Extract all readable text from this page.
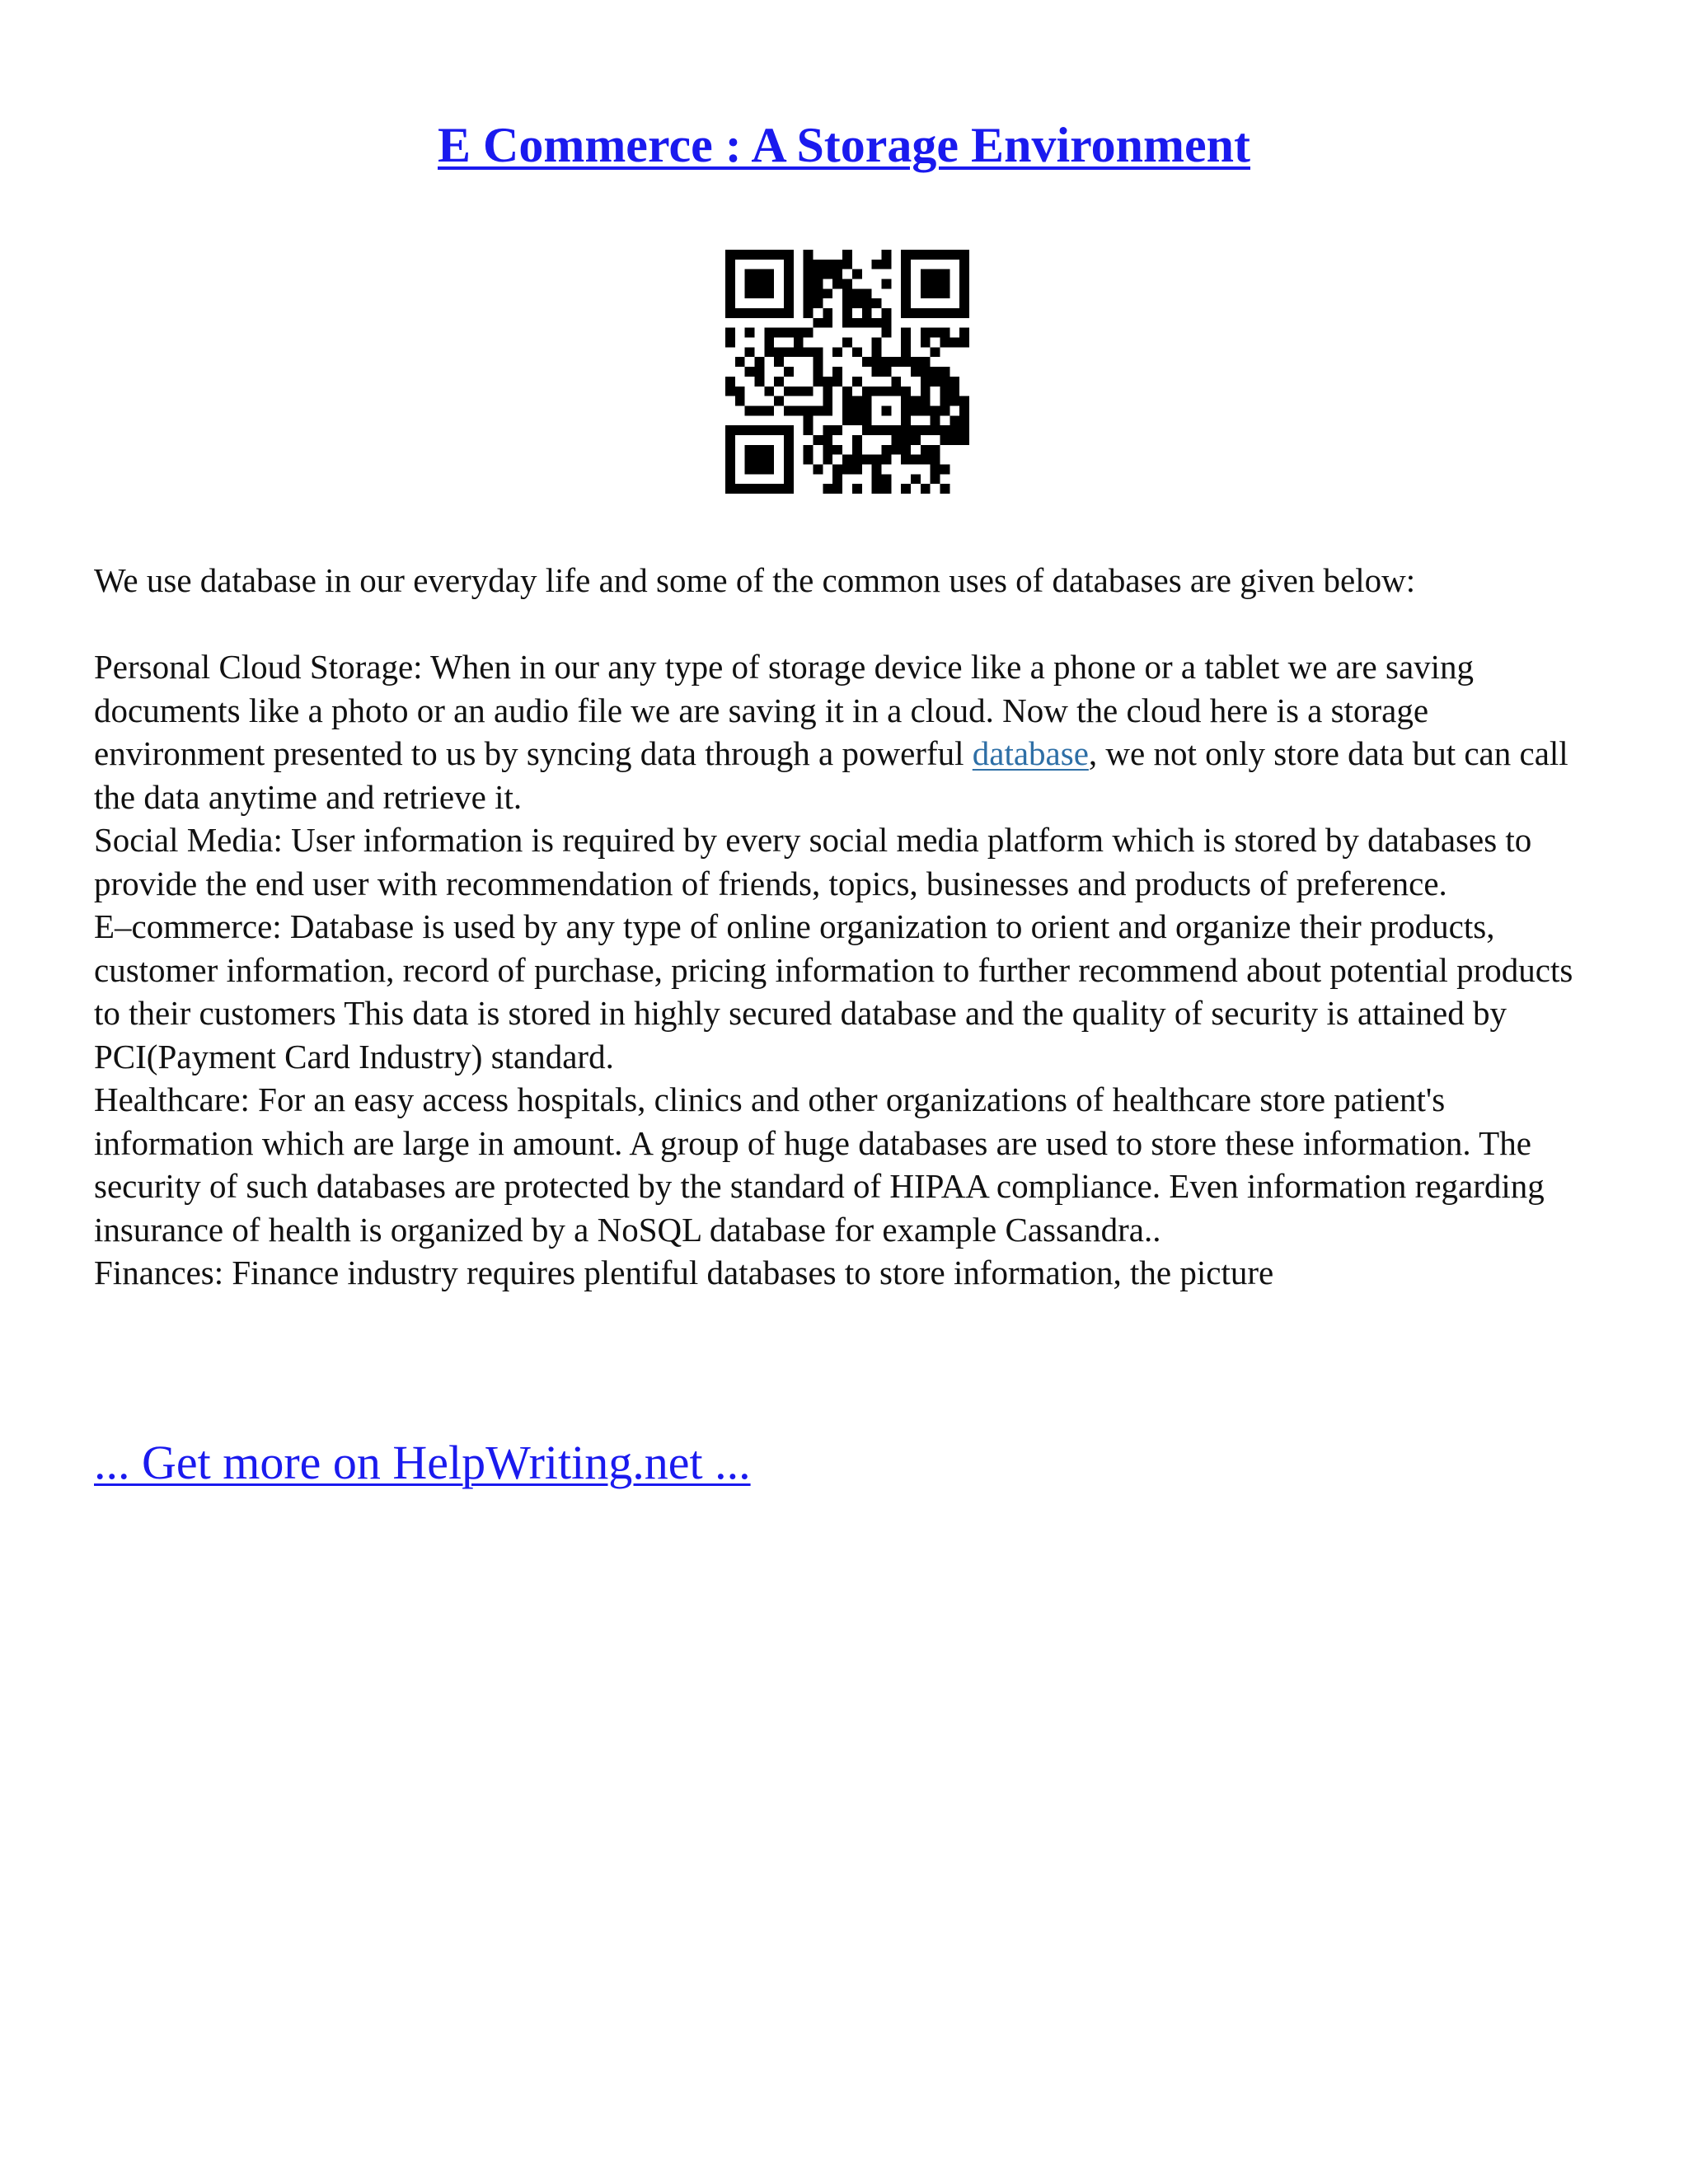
E Commerce : A Storage Environment

We use database in our everyday life and some of the common uses of databases are given below:

Personal Cloud Storage: When in our any type of storage device like a phone or a tablet we are saving documents like a photo or an audio file we are saving it in a cloud. Now the cloud here is a storage environment presented to us by syncing data through a powerful database, we not only store data but can call the data anytime and retrieve it.

Social Media: User information is required by every social media platform which is stored by databases to provide the end user with recommendation of friends, topics, businesses and products of preference.

E–commerce: Database is used by any type of online organization to orient and organize their products, customer information, record of purchase, pricing information to further recommend about potential products to their customers This data is stored in highly secured database and the quality of security is attained by PCI(Payment Card Industry) standard.

Healthcare: For an easy access hospitals, clinics and other organizations of healthcare store patient's information which are large in amount. A group of huge databases are used to store these information. The security of such databases are protected by the standard of HIPAA compliance. Even information regarding insurance of health is organized by a NoSQL database for example Cassandra..

Finances: Finance industry requires plentiful databases to store information, the picture

... Get more on HelpWriting.net ...
